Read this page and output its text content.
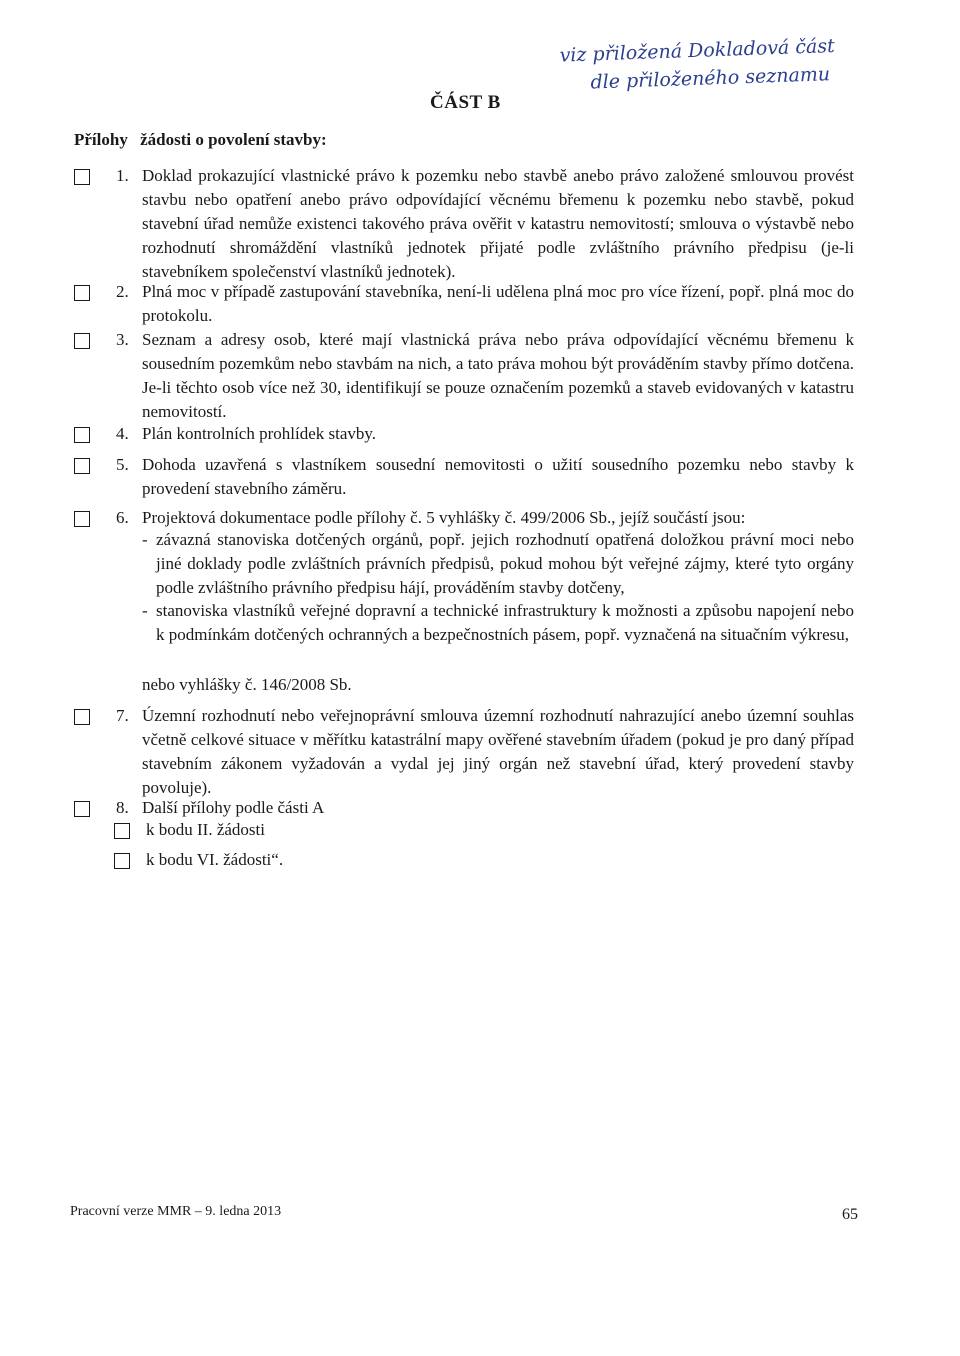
viz přiložená Dokladová část
dle přiloženého seznamu
ČÁST B
Přílohy žádosti o povolení stavby:
1. Doklad prokazující vlastnické právo k pozemku nebo stavbě anebo právo založené smlouvou provést stavbu nebo opatření anebo právo odpovídající věcnému břemenu k pozemku nebo stavbě, pokud stavební úřad nemůže existenci takového práva ověřit v katastru nemovitostí; smlouva o výstavbě nebo rozhodnutí shromáždění vlastníků jednotek přijaté podle zvláštního právního předpisu (je-li stavebníkem společenství vlastníků jednotek).
2. Plná moc v případě zastupování stavebníka, není-li udělena plná moc pro více řízení, popř. plná moc do protokolu.
3. Seznam a adresy osob, které mají vlastnická práva nebo práva odpovídající věcnému břemenu k sousedním pozemkům nebo stavbám na nich, a tato práva mohou být prováděním stavby přímo dotčena. Je-li těchto osob více než 30, identifikují se pouze označením pozemků a staveb evidovaných v katastru nemovitostí.
4. Plán kontrolních prohlídek stavby.
5. Dohoda uzavřená s vlastníkem sousední nemovitosti o užití sousedního pozemku nebo stavby k provedení stavebního záměru.
6. Projektová dokumentace podle přílohy č. 5 vyhlášky č. 499/2006 Sb., jejíž součástí jsou:
- závazná stanoviska dotčených orgánů, popř. jejich rozhodnutí opatřená doložkou právní moci nebo jiné doklady podle zvláštních právních předpisů, pokud mohou být veřejné zájmy, které tyto orgány podle zvláštního právního předpisu hájí, prováděním stavby dotčeny,
- stanoviska vlastníků veřejné dopravní a technické infrastruktury k možnosti a způsobu napojení nebo k podmínkám dotčených ochranných a bezpečnostních pásem, popř. vyznačená na situačním výkresu,
nebo vyhlášky č. 146/2008 Sb.
7. Územní rozhodnutí nebo veřejnoprávní smlouva územní rozhodnutí nahrazující anebo územní souhlas včetně celkové situace v měřítku katastrální mapy ověřené stavebním úřadem (pokud je pro daný případ stavebním zákonem vyžadován a vydal jej jiný orgán než stavební úřad, který provedení stavby povoluje).
8. Další přílohy podle části A
k bodu II. žádosti
k bodu VI. žádosti“.
Pracovní verze MMR – 9. ledna 2013	65
